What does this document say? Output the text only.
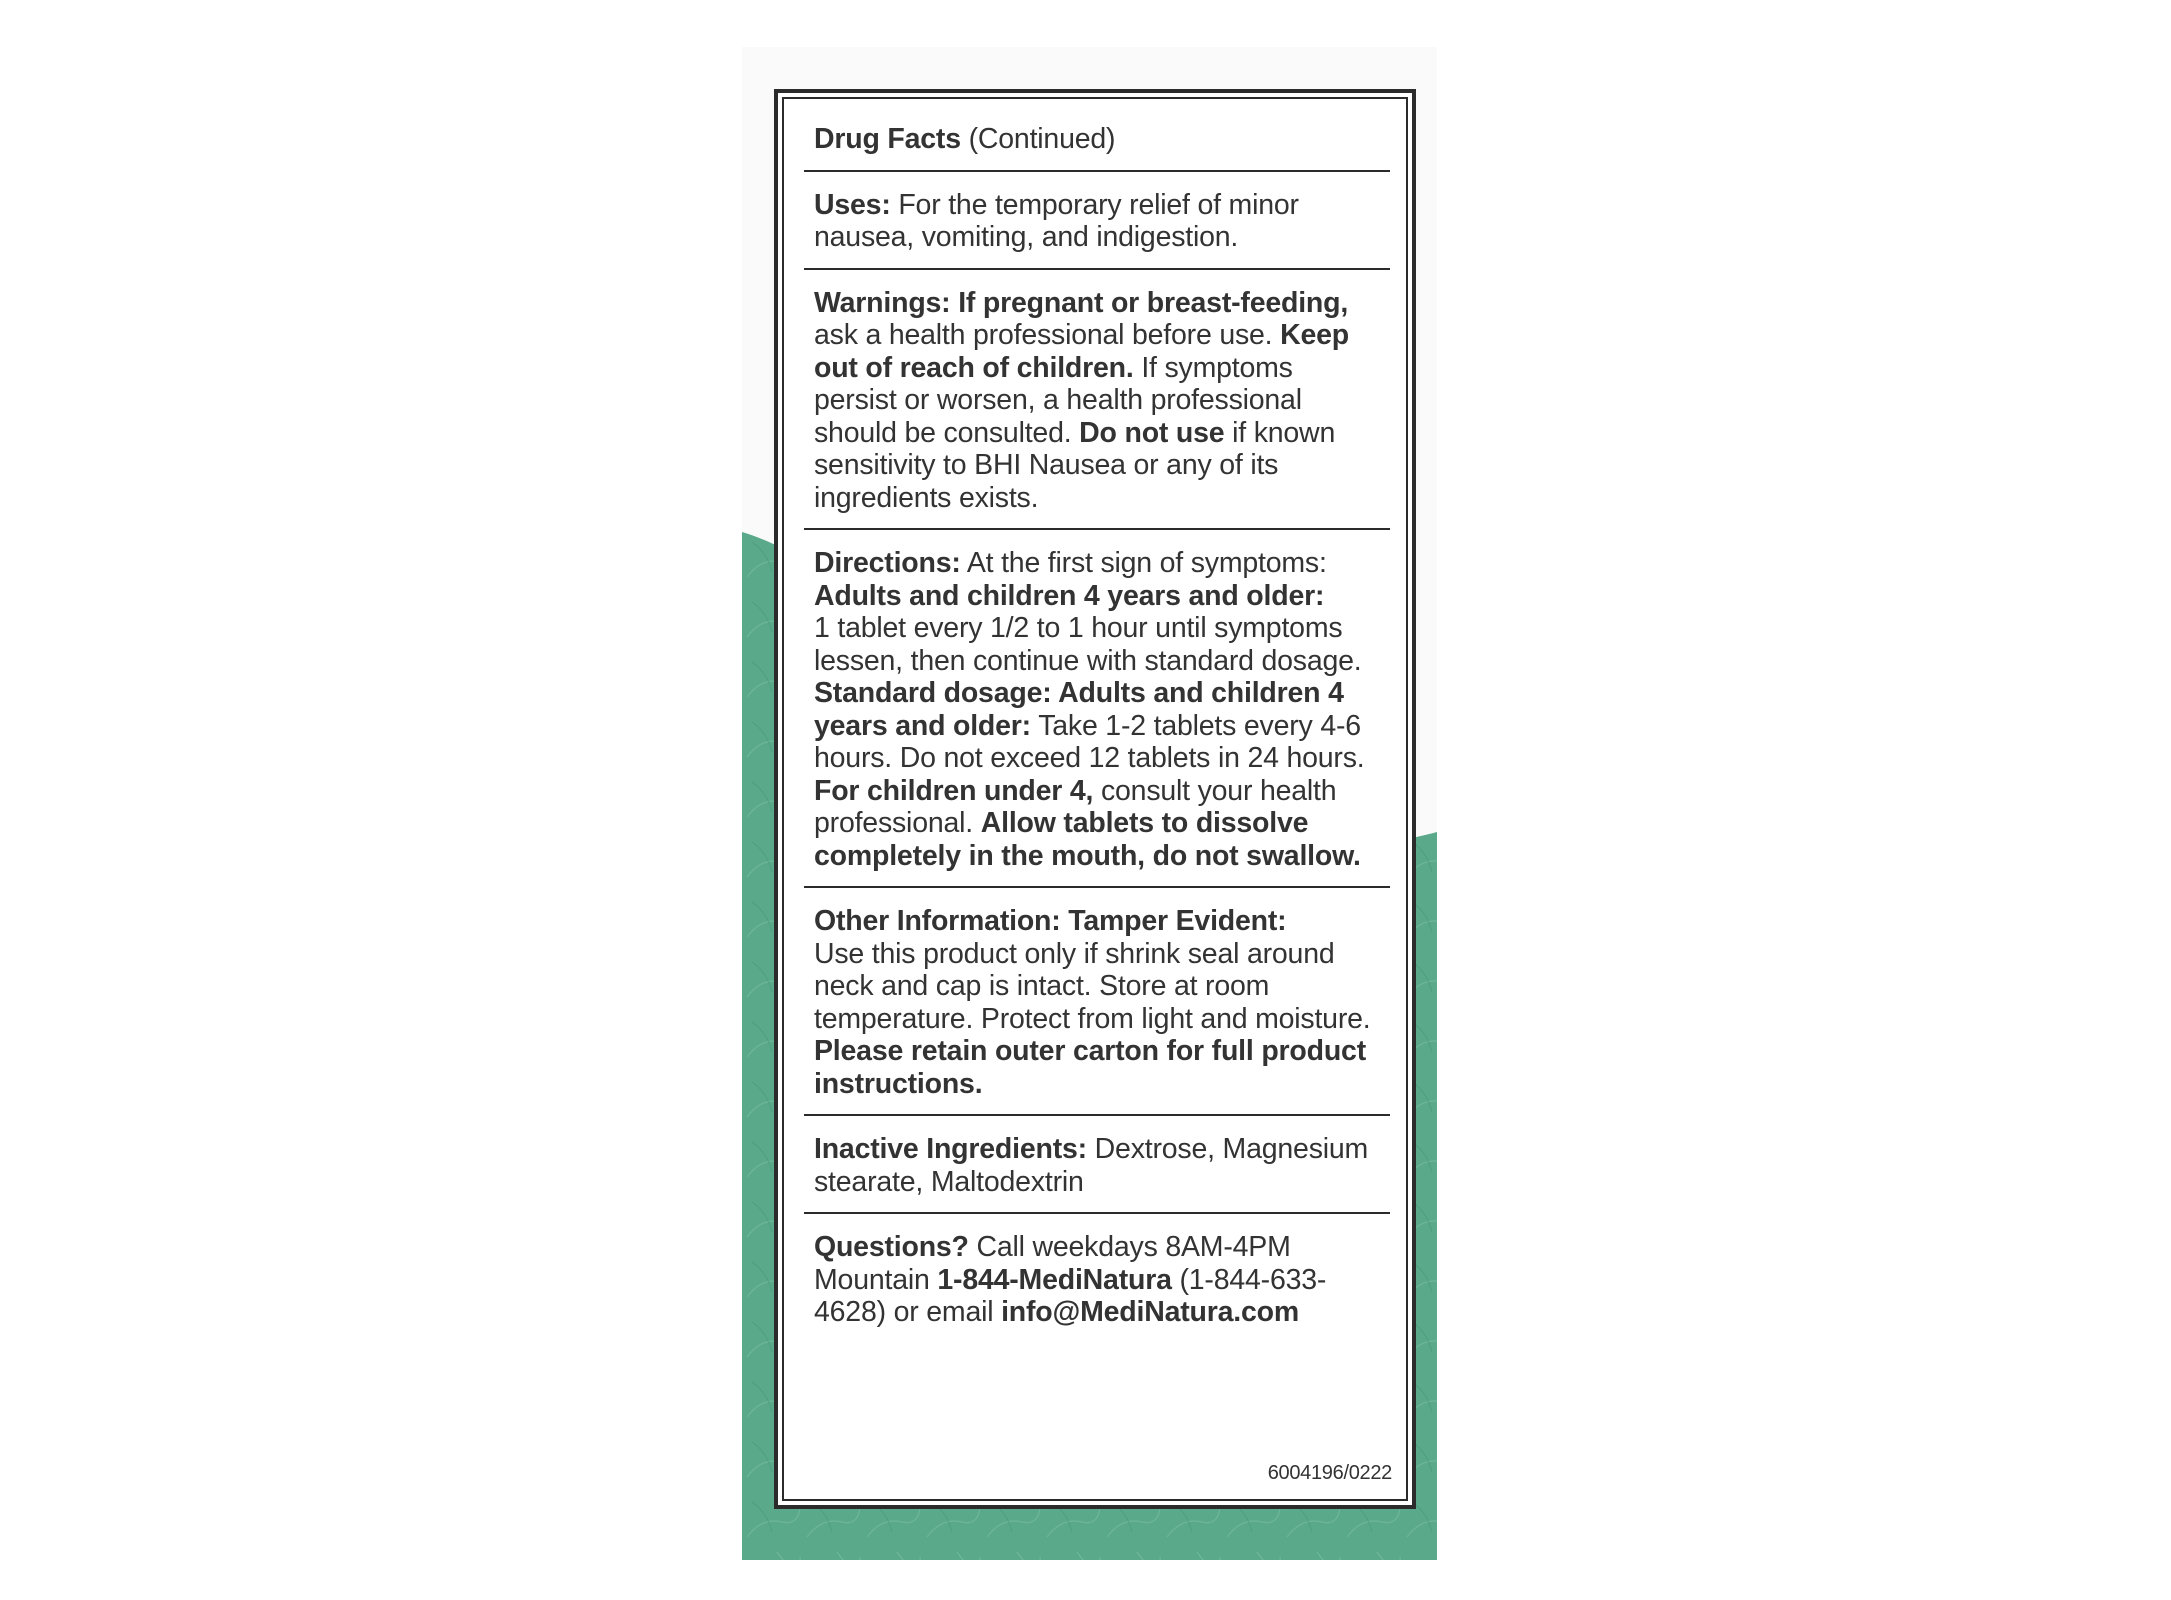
Drug Facts (Continued)

Uses: For the temporary relief of minor nausea, vomiting, and indigestion.

Warnings: If pregnant or breast-feeding, ask a health professional before use. Keep out of reach of children. If symptoms persist or worsen, a health professional should be consulted. Do not use if known sensitivity to BHI Nausea or any of its ingredients exists.

Directions: At the first sign of symptoms:

Adults and children 4 years and older:

1 tablet every 1/2 to 1 hour until symptoms lessen, then continue with standard dosage.

Standard dosage: Adults and children 4 years and older: Take 1-2 tablets every 4-6 hours. Do not exceed 12 tablets in 24 hours. For children under 4, consult your health professional. Allow tablets to dissolve completely in the mouth, do not swallow.

Other Information: Tamper Evident:

Use this product only if shrink seal around neck and cap is intact. Store at room temperature. Protect from light and moisture. Please retain outer carton for full product instructions.

Inactive Ingredients: Dextrose, Magnesium stearate, Maltodextrin

Questions? Call weekdays 8AM-4PM Mountain 1-844-MediNatura (1-844-633-4628) or email info@MediNatura.com

6004196/0222
